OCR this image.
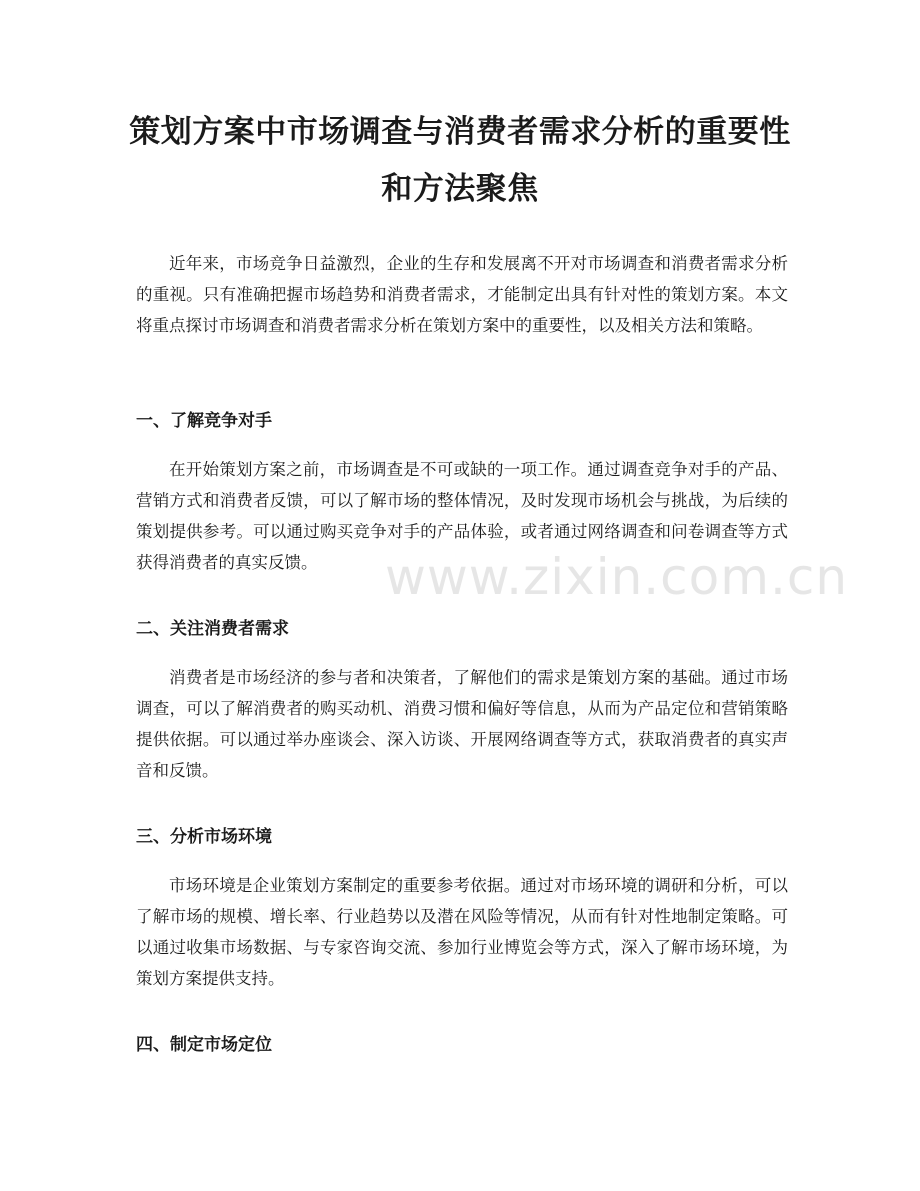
www.zixin.com.cn
策划方案中市场调查与消费者需求分析的重要性和方法聚焦

近年来，市场竞争日益激烈，企业的生存和发展离不开对市场调查和消费者需求分析的重视。只有准确把握市场趋势和消费者需求，才能制定出具有针对性的策划方案。本文将重点探讨市场调查和消费者需求分析在策划方案中的重要性，以及相关方法和策略。

一、了解竞争对手

在开始策划方案之前，市场调查是不可或缺的一项工作。通过调查竞争对手的产品、营销方式和消费者反馈，可以了解市场的整体情况，及时发现市场机会与挑战，为后续的策划提供参考。可以通过购买竞争对手的产品体验，或者通过网络调查和问卷调查等方式获得消费者的真实反馈。

二、关注消费者需求

消费者是市场经济的参与者和决策者，了解他们的需求是策划方案的基础。通过市场调查，可以了解消费者的购买动机、消费习惯和偏好等信息，从而为产品定位和营销策略提供依据。可以通过举办座谈会、深入访谈、开展网络调查等方式，获取消费者的真实声音和反馈。

三、分析市场环境

市场环境是企业策划方案制定的重要参考依据。通过对市场环境的调研和分析，可以了解市场的规模、增长率、行业趋势以及潜在风险等情况，从而有针对性地制定策略。可以通过收集市场数据、与专家咨询交流、参加行业博览会等方式，深入了解市场环境，为策划方案提供支持。

四、制定市场定位
